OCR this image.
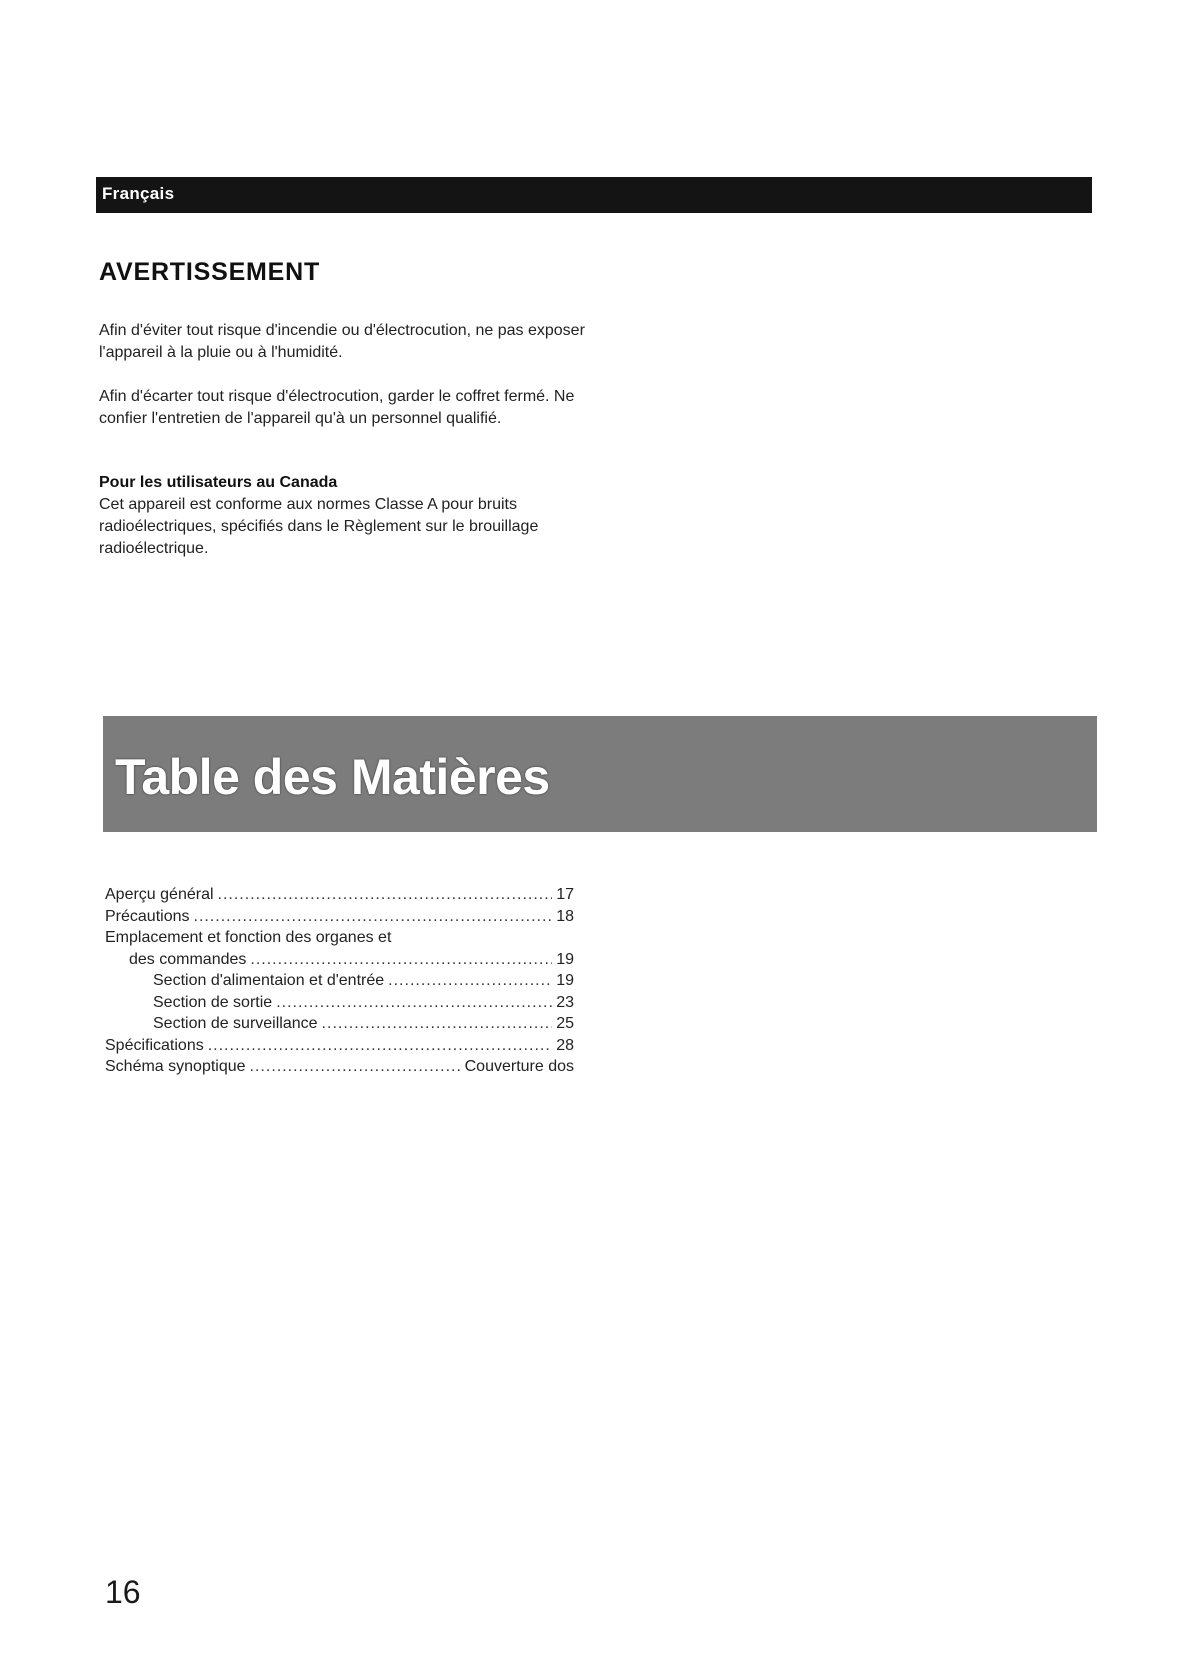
Français
AVERTISSEMENT

Afin d'éviter tout risque d'incendie ou d'électrocution, ne pas exposer l'appareil à la pluie ou à l'humidité.

Afin d'écarter tout risque d'électrocution, garder le coffret fermé. Ne confier l'entretien de l'appareil qu'à un personnel qualifié.

Pour les utilisateurs au Canada
Cet appareil est conforme aux normes Classe A pour bruits radioélectriques, spécifiés dans le Règlement sur le brouillage radioélectrique.

Table des Matières
Aperçu général .....	17
Précautions .....	18
Emplacement et fonction des organes et
des commandes .....	19
Section d'alimentaion et d'entrée .....	19
Section de sortie .....	23
Section de surveillance .....	25
Spécifications .....	28
Schéma synoptique .....	Couverture dos
16
